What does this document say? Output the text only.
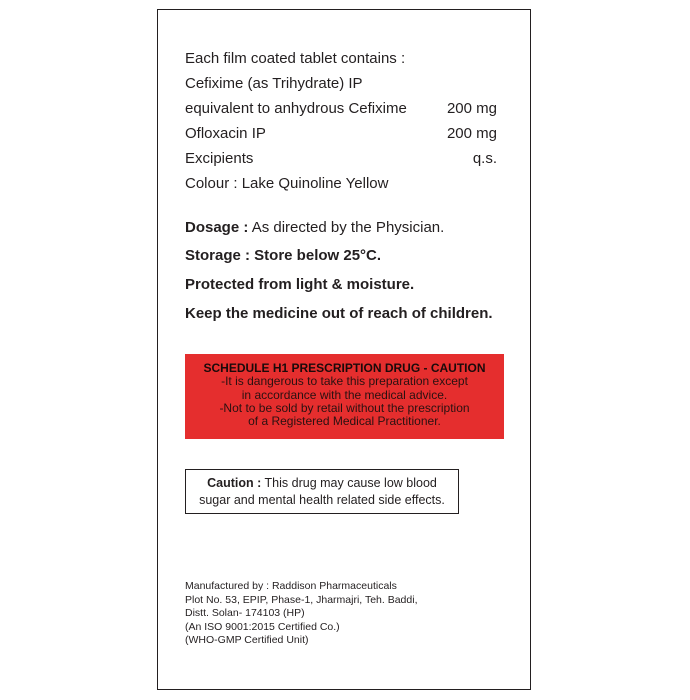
Each film coated tablet contains :
Cefixime (as Trihydrate) IP
equivalent to anhydrous Cefixime	200 mg
Ofloxacin IP	200 mg
Excipients	q.s.
Colour : Lake Quinoline Yellow
Dosage : As directed by the Physician.
Storage : Store below 25°C.
Protected from light & moisture.
Keep the medicine out of reach of children.
SCHEDULE H1 PRESCRIPTION DRUG - CAUTION
-It is dangerous to take this preparation except
in accordance with the medical advice.
-Not to be sold by retail without the prescription
of a Registered Medical Practitioner.
Caution : This drug may cause low blood
sugar and mental health related side effects.
Manufactured by : Raddison Pharmaceuticals
Plot No. 53, EPIP, Phase-1, Jharmajri, Teh. Baddi,
Distt. Solan- 174103 (HP)
(An ISO 9001:2015 Certified Co.)
(WHO-GMP Certified Unit)
